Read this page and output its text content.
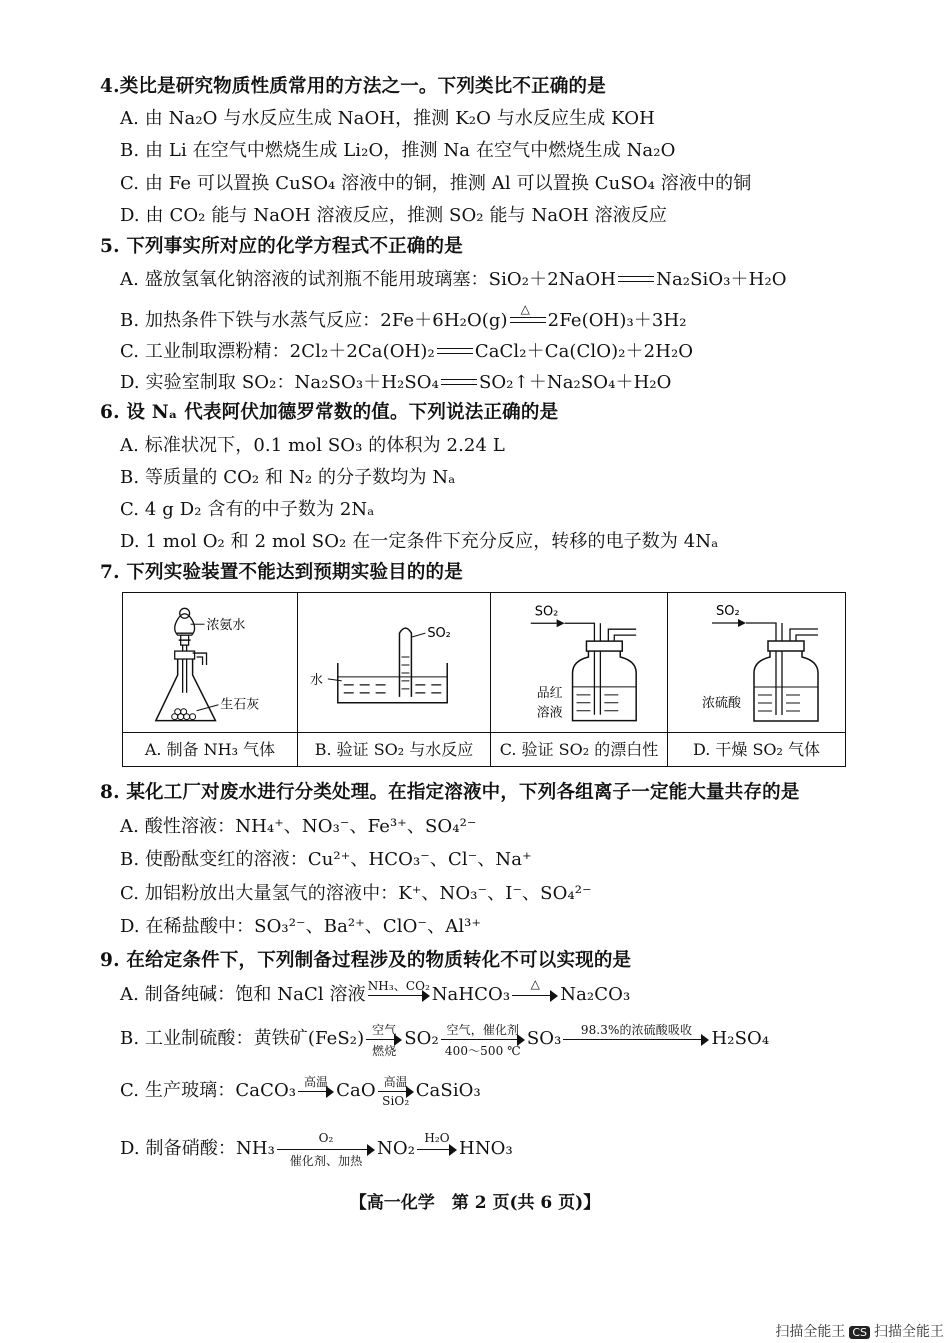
4.类比是研究物质性质常用的方法之一。下列类比不正确的是
A. 由 Na₂O 与水反应生成 NaOH，推测 K₂O 与水反应生成 KOH
B. 由 Li 在空气中燃烧生成 Li₂O，推测 Na 在空气中燃烧生成 Na₂O
C. 由 Fe 可以置换 CuSO₄ 溶液中的铜，推测 Al 可以置换 CuSO₄ 溶液中的铜
D. 由 CO₂ 能与 NaOH 溶液反应，推测 SO₂ 能与 NaOH 溶液反应
5. 下列事实所对应的化学方程式不正确的是
A. 盛放氢氧化钠溶液的试剂瓶不能用玻璃塞：SiO₂＋2NaOH Na₂SiO₃＋H₂O
B. 加热条件下铁与水蒸气反应：2Fe＋6H₂O(g)
△
2Fe(OH)₃＋3H₂
C. 工业制取漂粉精：2Cl₂＋2Ca(OH)₂ CaCl₂＋Ca(ClO)₂＋2H₂O
D. 实验室制取 SO₂：Na₂SO₃＋H₂SO₄ SO₂↑＋Na₂SO₄＋H₂O
6. 设 Nₐ 代表阿伏加德罗常数的值。下列说法正确的是
A. 标准状况下，0.1 mol SO₃ 的体积为 2.24 L
B. 等质量的 CO₂ 和 N₂ 的分子数均为 Nₐ
C. 4 g D₂ 含有的中子数为 2Nₐ
D. 1 mol O₂ 和 2 mol SO₂ 在一定条件下充分反应，转移的电子数为 4Nₐ
7. 下列实验装置不能达到预期实验目的的是
浓氨水
生石灰
A. 制备 NH₃ 气体
SO₂
水
B. 验证 SO₂ 与水反应
SO₂
品红
溶液
C. 验证 SO₂ 的漂白性
SO₂
浓硫酸
D. 干燥 SO₂ 气体
8. 某化工厂对废水进行分类处理。在指定溶液中，下列各组离子一定能大量共存的是
A. 酸性溶液：NH₄⁺、NO₃⁻、Fe³⁺、SO₄²⁻
B. 使酚酞变红的溶液：Cu²⁺、HCO₃⁻、Cl⁻、Na⁺
C. 加铝粉放出大量氢气的溶液中：K⁺、NO₃⁻、I⁻、SO₄²⁻
D. 在稀盐酸中：SO₃²⁻、Ba²⁺、ClO⁻、Al³⁺
9. 在给定条件下，下列制备过程涉及的物质转化不可以实现的是
A. 制备纯碱：饱和 NaCl 溶液 NH₃、CO₂ NaHCO₃	△	Na₂CO₃
B. 工业制硫酸：黄铁矿(FeS₂) 空气
燃烧
SO₂ 空气，催化剂
400～500 ℃
SO₃	98.3%的浓硫酸吸收	H₂SO₄
C. 生产玻璃：CaCO₃ 高温 CaO 高温
SiO₂ CaSiO₃
D. 制备硝酸：NH₃	O₂
催化剂、加热
NO₂ H₂O HNO₃
【高一化学　第 2 页(共 6 页)】
扫描全能王 CS 扫描全能王
